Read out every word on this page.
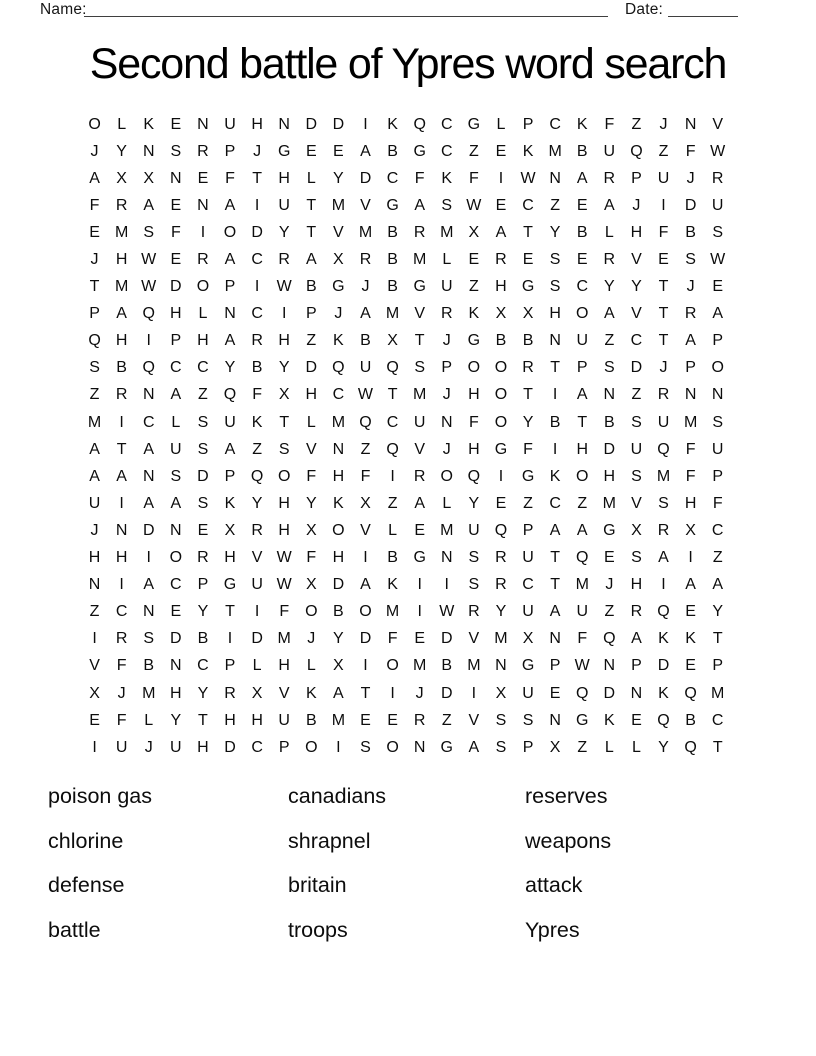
Name:	Date:
Second battle of Ypres word search
O	L	K	E N U H N D D	I	K Q C G	L	P C K	F	Z	J	N V
J	Y N S R P	J	G E	E	A	B G C	Z	E	K M B U Q Z	F W
A	X	X N E	F	T	H	L	Y D C	F	K	F	I	W N A R P U	J	R
F	R A	E N A	I	U	T M V G A	S W E C	Z	E	A	J	I	D U
E M S	F	I	O D Y	T	V M B R M X	A	T	Y	B	L	H	F	B	S
J	H W E R A C R A	X R B M L	E R E	S	E R V	E	S W
T M W D O P	I	W B G	J	B G U	Z	H G S C Y	Y	T	J	E
P	A Q H	L	N C	I	P	J	A M V R K	X	X H O A	V	T	R A
Q H	I	P H A R H	Z	K	B	X	T	J	G B	B N U	Z	C	T	A	P
S	B Q C C Y	B	Y D Q U Q S	P O O R	T	P	S D	J	P O
Z	R N A	Z Q F	X H C W T M	J	H O T	I	A N	Z	R N N
M	I	C	L	S U K	T	L M Q C U N	F O Y	B	T	B	S U M S
A	T	A U S	A	Z	S	V N	Z Q V	J	H G F	I	H D U Q F	U
A	A N S D P Q O F	H	F	I	R O Q	I	G K O H S M F	P
U	I	A	A	S	K	Y H Y	K	X	Z	A	L	Y	E	Z	C	Z M V	S H	F
J	N D N E	X R H X O V	L	E M U Q P	A	A G X R X C
H H	I	O R H V W F	H	I	B G N S R U	T Q E	S	A	I	Z
N	I	A C P G U W X D A	K	I	I	S R C	T M	J	H	I	A	A
Z	C N E	Y	T	I	F O B O M	I	W R Y U A U	Z	R Q E	Y
I	R S D B	I	D M	J	Y D	F	E D V M X N	F Q A	K	K	T
V	F	B N C P	L	H	L	X	I	O M B M N G P W N P D E	P
X	J	M H Y R X	V	K	A	T	I	J	D	I	X U E Q D N K Q M
E	F	L	Y	T	H H U B M E	E R	Z	V	S	S N G K	E Q B C
I	U	J	U H D C P O	I	S O N G A	S	P	X	Z	L	L	Y Q T
poison gas
chlorine
defense
battle
canadians
shrapnel
britain
troops
reserves
weapons
attack
Ypres
